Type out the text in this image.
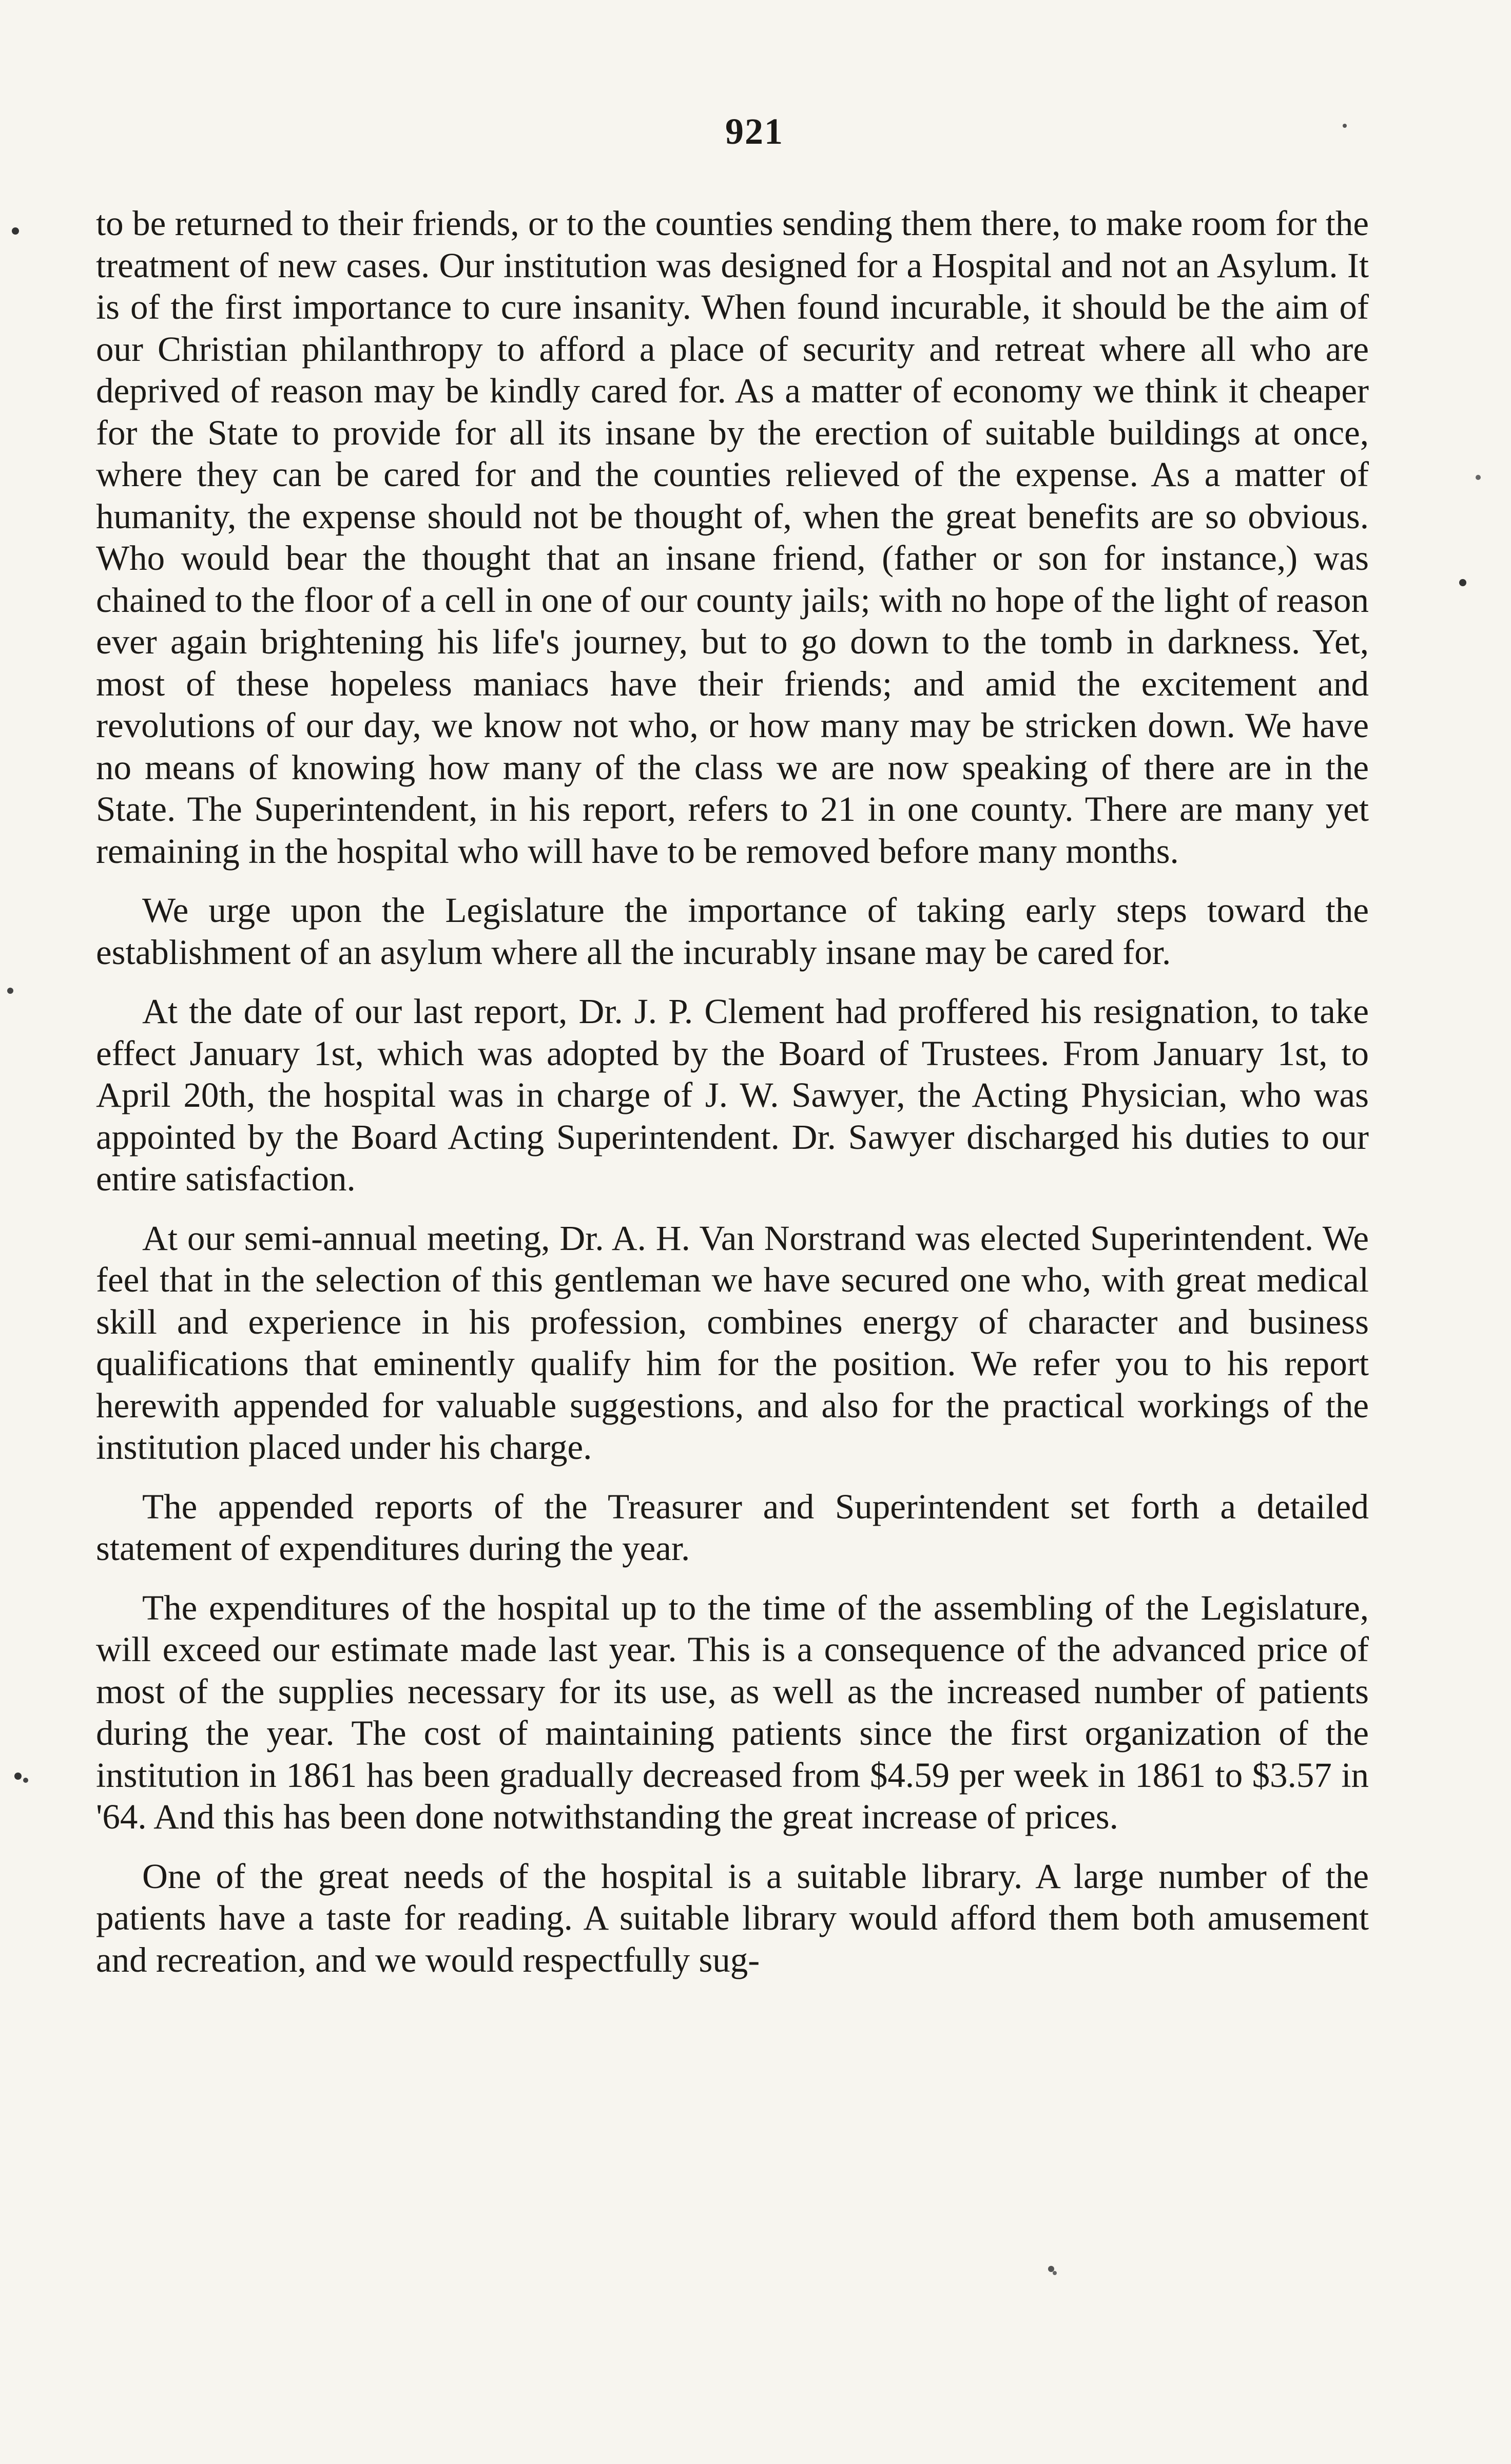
921

to be returned to their friends, or to the counties sending them there, to make room for the treatment of new cases. Our institution was designed for a Hospital and not an Asylum. It is of the first importance to cure insanity. When found incurable, it should be the aim of our Christian philanthropy to afford a place of security and retreat where all who are deprived of reason may be kindly cared for. As a matter of economy we think it cheaper for the State to provide for all its insane by the erection of suitable buildings at once, where they can be cared for and the counties relieved of the expense. As a matter of humanity, the expense should not be thought of, when the great benefits are so obvious. Who would bear the thought that an insane friend, (father or son for instance,) was chained to the floor of a cell in one of our county jails; with no hope of the light of reason ever again brightening his life's journey, but to go down to the tomb in darkness. Yet, most of these hopeless maniacs have their friends; and amid the excitement and revolutions of our day, we know not who, or how many may be stricken down. We have no means of knowing how many of the class we are now speaking of there are in the State. The Superintendent, in his report, refers to 21 in one county. There are many yet remaining in the hospital who will have to be removed before many months.

We urge upon the Legislature the importance of taking early steps toward the establishment of an asylum where all the incurably insane may be cared for.

At the date of our last report, Dr. J. P. Clement had proffered his resignation, to take effect January 1st, which was adopted by the Board of Trustees. From January 1st, to April 20th, the hospital was in charge of J. W. Sawyer, the Acting Physician, who was appointed by the Board Acting Superintendent. Dr. Sawyer discharged his duties to our entire satisfaction.

At our semi-annual meeting, Dr. A. H. Van Norstrand was elected Superintendent. We feel that in the selection of this gentleman we have secured one who, with great medical skill and experience in his profession, combines energy of character and business qualifications that eminently qualify him for the position. We refer you to his report herewith appended for valuable suggestions, and also for the practical workings of the institution placed under his charge.

The appended reports of the Treasurer and Superintendent set forth a detailed statement of expenditures during the year.

The expenditures of the hospital up to the time of the assembling of the Legislature, will exceed our estimate made last year. This is a consequence of the advanced price of most of the supplies necessary for its use, as well as the increased number of patients during the year. The cost of maintaining patients since the first organization of the institution in 1861 has been gradually decreased from $4.59 per week in 1861 to $3.57 in '64. And this has been done notwithstanding the great increase of prices.

One of the great needs of the hospital is a suitable library. A large number of the patients have a taste for reading. A suitable library would afford them both amusement and recreation, and we would respectfully sug-
